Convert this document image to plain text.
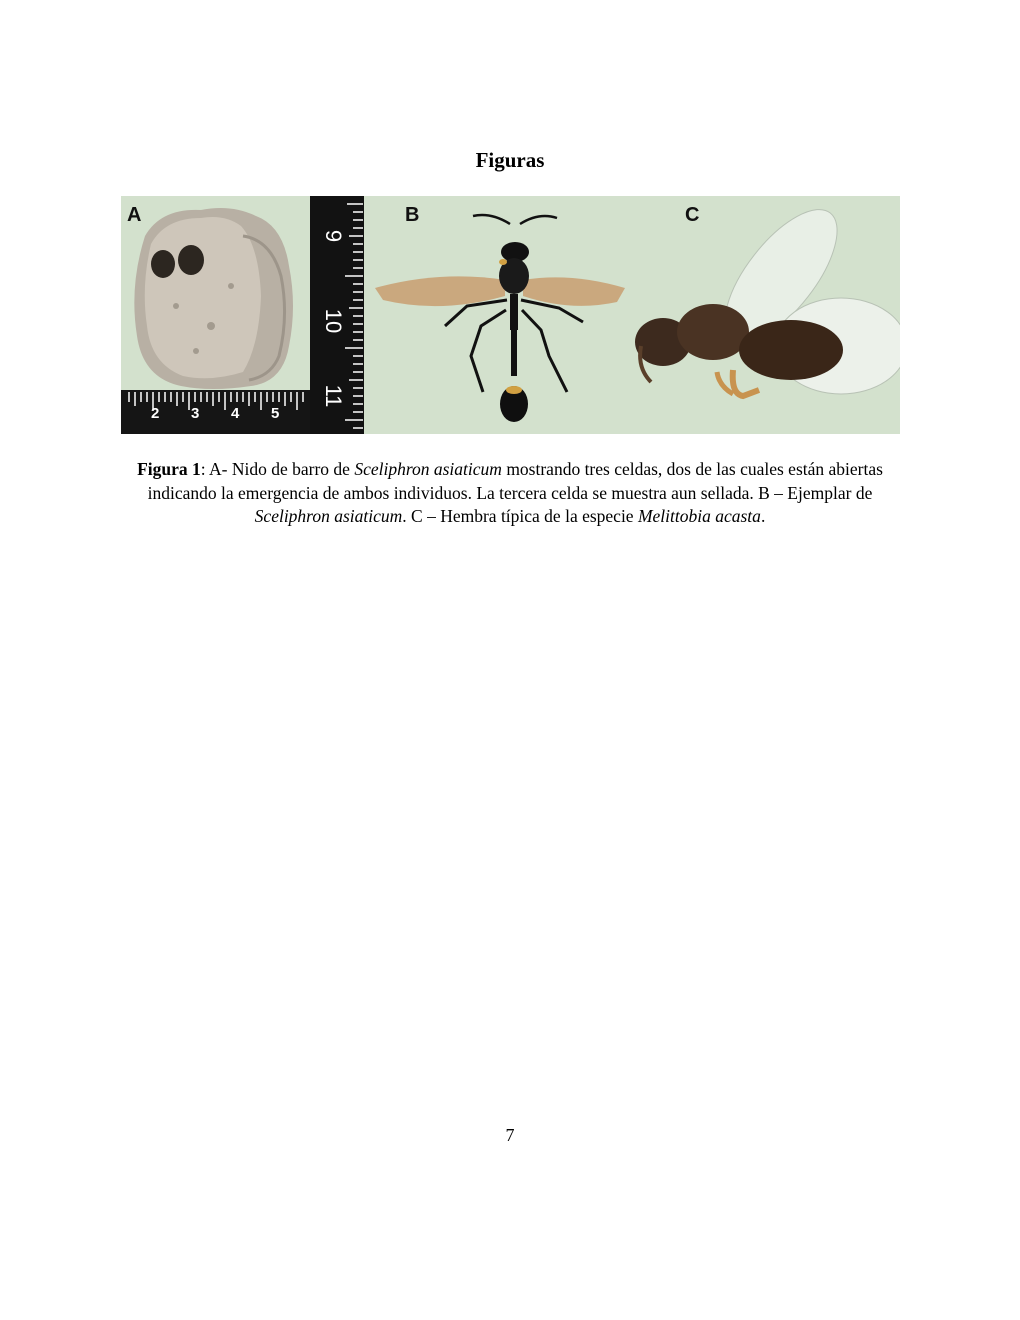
Figuras
2 3 4 5
9
10
11
A	B	C
Figura 1: A- Nido de barro de Sceliphron asiaticum mostrando tres celdas, dos de las cuales están abiertas indicando la emergencia de ambos individuos. La tercera celda se muestra aun sellada. B – Ejemplar de Sceliphron asiaticum. C – Hembra típica de la especie Melittobia acasta.
7
